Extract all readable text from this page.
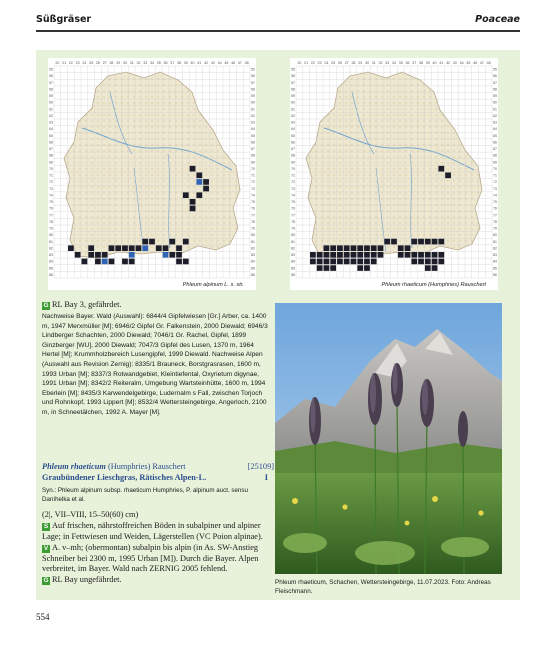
Süßgräser	Poaceae
20 21 22 23 24 25 26 27 28 29 30 31 32 33 34 35 36 37 38 39 40 41 42 43 44 45 46 47 48
55	55
56	56
57	57
58	58
59	59
60	60
61	61
62	62
63	63
64	64
65	65
66	66
67	67
68	68
69	69
70	70
71	71
72	72
73	73
74	74
75	75
76	76
77	77
78	78
79	79
80	80
81	81
82	82
83	83
84	84
85	85
86	86
Phleum alpinum L. s. str.
20 21 22 23 24 25 26 27 28 29 30 31 32 33 34 35 36 37 38 39 40 41 42 43 44 45 46 47 48
55	55
56	56
57	57
58	58
59	59
60	60
61	61
62	62
63	63
64	64
65	65
66	66
67	67
68	68
69	69
70	70
71	71
72	72
73	73
74	74
75	75
76	76
77	77
78	78
79	79
80	80
81	81
82	82
83	83
84	84
85	85
86	86
Phleum rhaeticum (Humphries) Rauschert
G RL Bay 3, gefährdet.
Nachweise Bayer. Wald (Auswahl): 6844/4 Gipfelwiesen [Gr.] Arber, ca. 1400 m, 1947 Merxmüller [M]; 6946/2 Gipfel Gr. Falkenstein, 2000 Diewald; 6946/3 Lindberger Schachten, 2000 Diewald; 7046/1 Gr. Rachel, Gipfel, 1899 Ginzberger [WU], 2000 Diewald; 7047/3 Gipfel des Lusen, 1370 m, 1964 Hertel [M]; Krummholzbereich Lusengipfel, 1999 Diewald. Nachweise Alpen (Auswahl aus Revision Zernig): 8335/1 Brauneck, Borstgrasrasen, 1600 m, 1993 Urban [M]; 8337/3 Rotwandgebiet, Kleintiefental, Oxyrietum digynae, 1991 Urban [M]; 8342/2 Reiteralm, Umgebung Wartsteinhütte, 1600 m, 1994 Eberlein [M]; 8435/3 Karwendelgebirge, Ludernalm s Fall, zwischen Torjoch und Rohnkopf, 1993 Lippert [M]; 8532/4 Wettersteingebirge, Angerloch, 2100 m, in Schneetälchen, 1992 A. Mayer [M].
Phleum rhaeticum (Humphries) Rauschert	[25109]
Graubündener Lieschgras, Rätisches Alpen-L.	I
Syn.: Phleum alpinum subsp. rhaeticum Humphries, P. alpinum auct. sensu Daníhelka et al.
(2|, VII–VIII, 15–50(60) cm)
S Auf frischen, nährstoffreichen Böden in subalpiner und alpiner Lage; in Fettwiesen und Weiden, Lägerstellen (VC Poion alpinae).
V A. v–mh; (obermontan) subalpin bis alpin (in As. SW-Anstieg Schneiber bei 2300 m, 1995 Urban [M]). Durch die Bayer. Alpen verbreitet, im Bayer. Wald nach ZERNIG 2005 fehlend.
G RL Bay ungefährdet.	Phleum rhaeticum, Schachen, Wettersteingebirge, 11.07.2023. Foto: Andreas Fleischmann.
554
